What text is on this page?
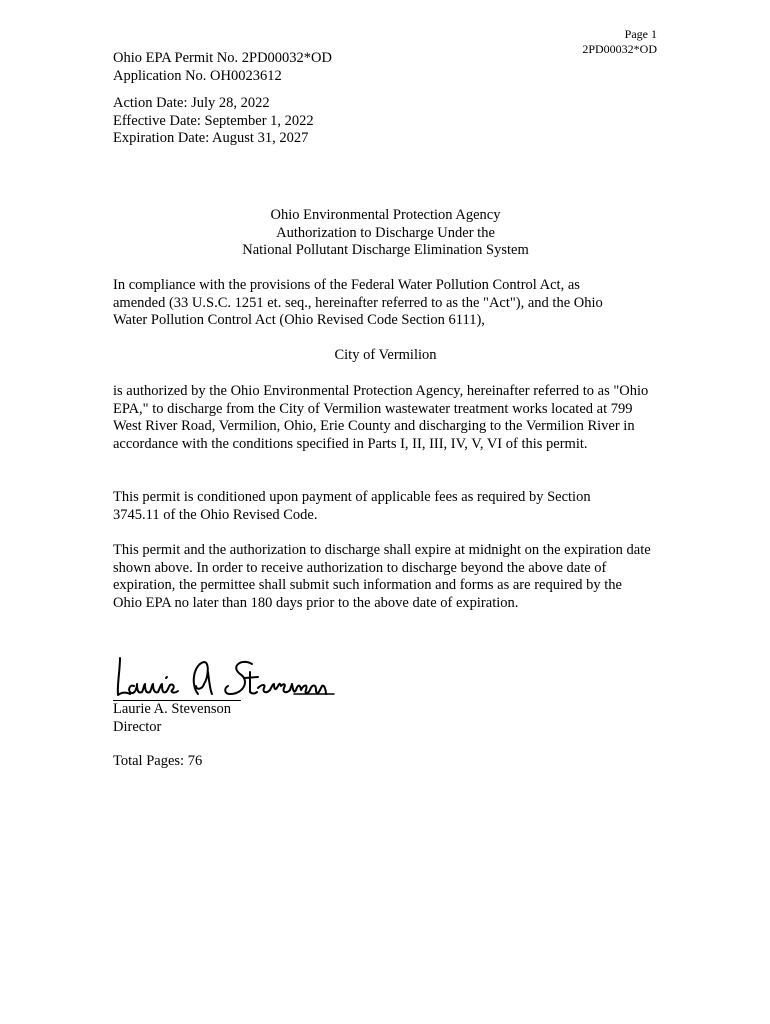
Page 1
2PD00032*OD
Ohio EPA Permit No. 2PD00032*OD
Application No. OH0023612
Action Date: July 28, 2022
Effective Date: September 1, 2022
Expiration Date: August 31, 2027
Ohio Environmental Protection Agency
Authorization to Discharge Under the
National Pollutant Discharge Elimination System

In compliance with the provisions of the Federal Water Pollution Control Act, as amended (33 U.S.C. 1251 et. seq., hereinafter referred to as the "Act"), and the Ohio Water Pollution Control Act (Ohio Revised Code Section 6111),

City of Vermilion

is authorized by the Ohio Environmental Protection Agency, hereinafter referred to as "Ohio EPA," to discharge from the City of Vermilion wastewater treatment works located at 799 West River Road, Vermilion, Ohio, Erie County and discharging to the Vermilion River in accordance with the conditions specified in Parts I, II, III, IV, V, VI of this permit.

This permit is conditioned upon payment of applicable fees as required by Section 3745.11 of the Ohio Revised Code.

This permit and the authorization to discharge shall expire at midnight on the expiration date shown above. In order to receive authorization to discharge beyond the above date of expiration, the permittee shall submit such information and forms as are required by the Ohio EPA no later than 180 days prior to the above date of expiration.

Laurie A. Stevenson
Director
Total Pages: 76
